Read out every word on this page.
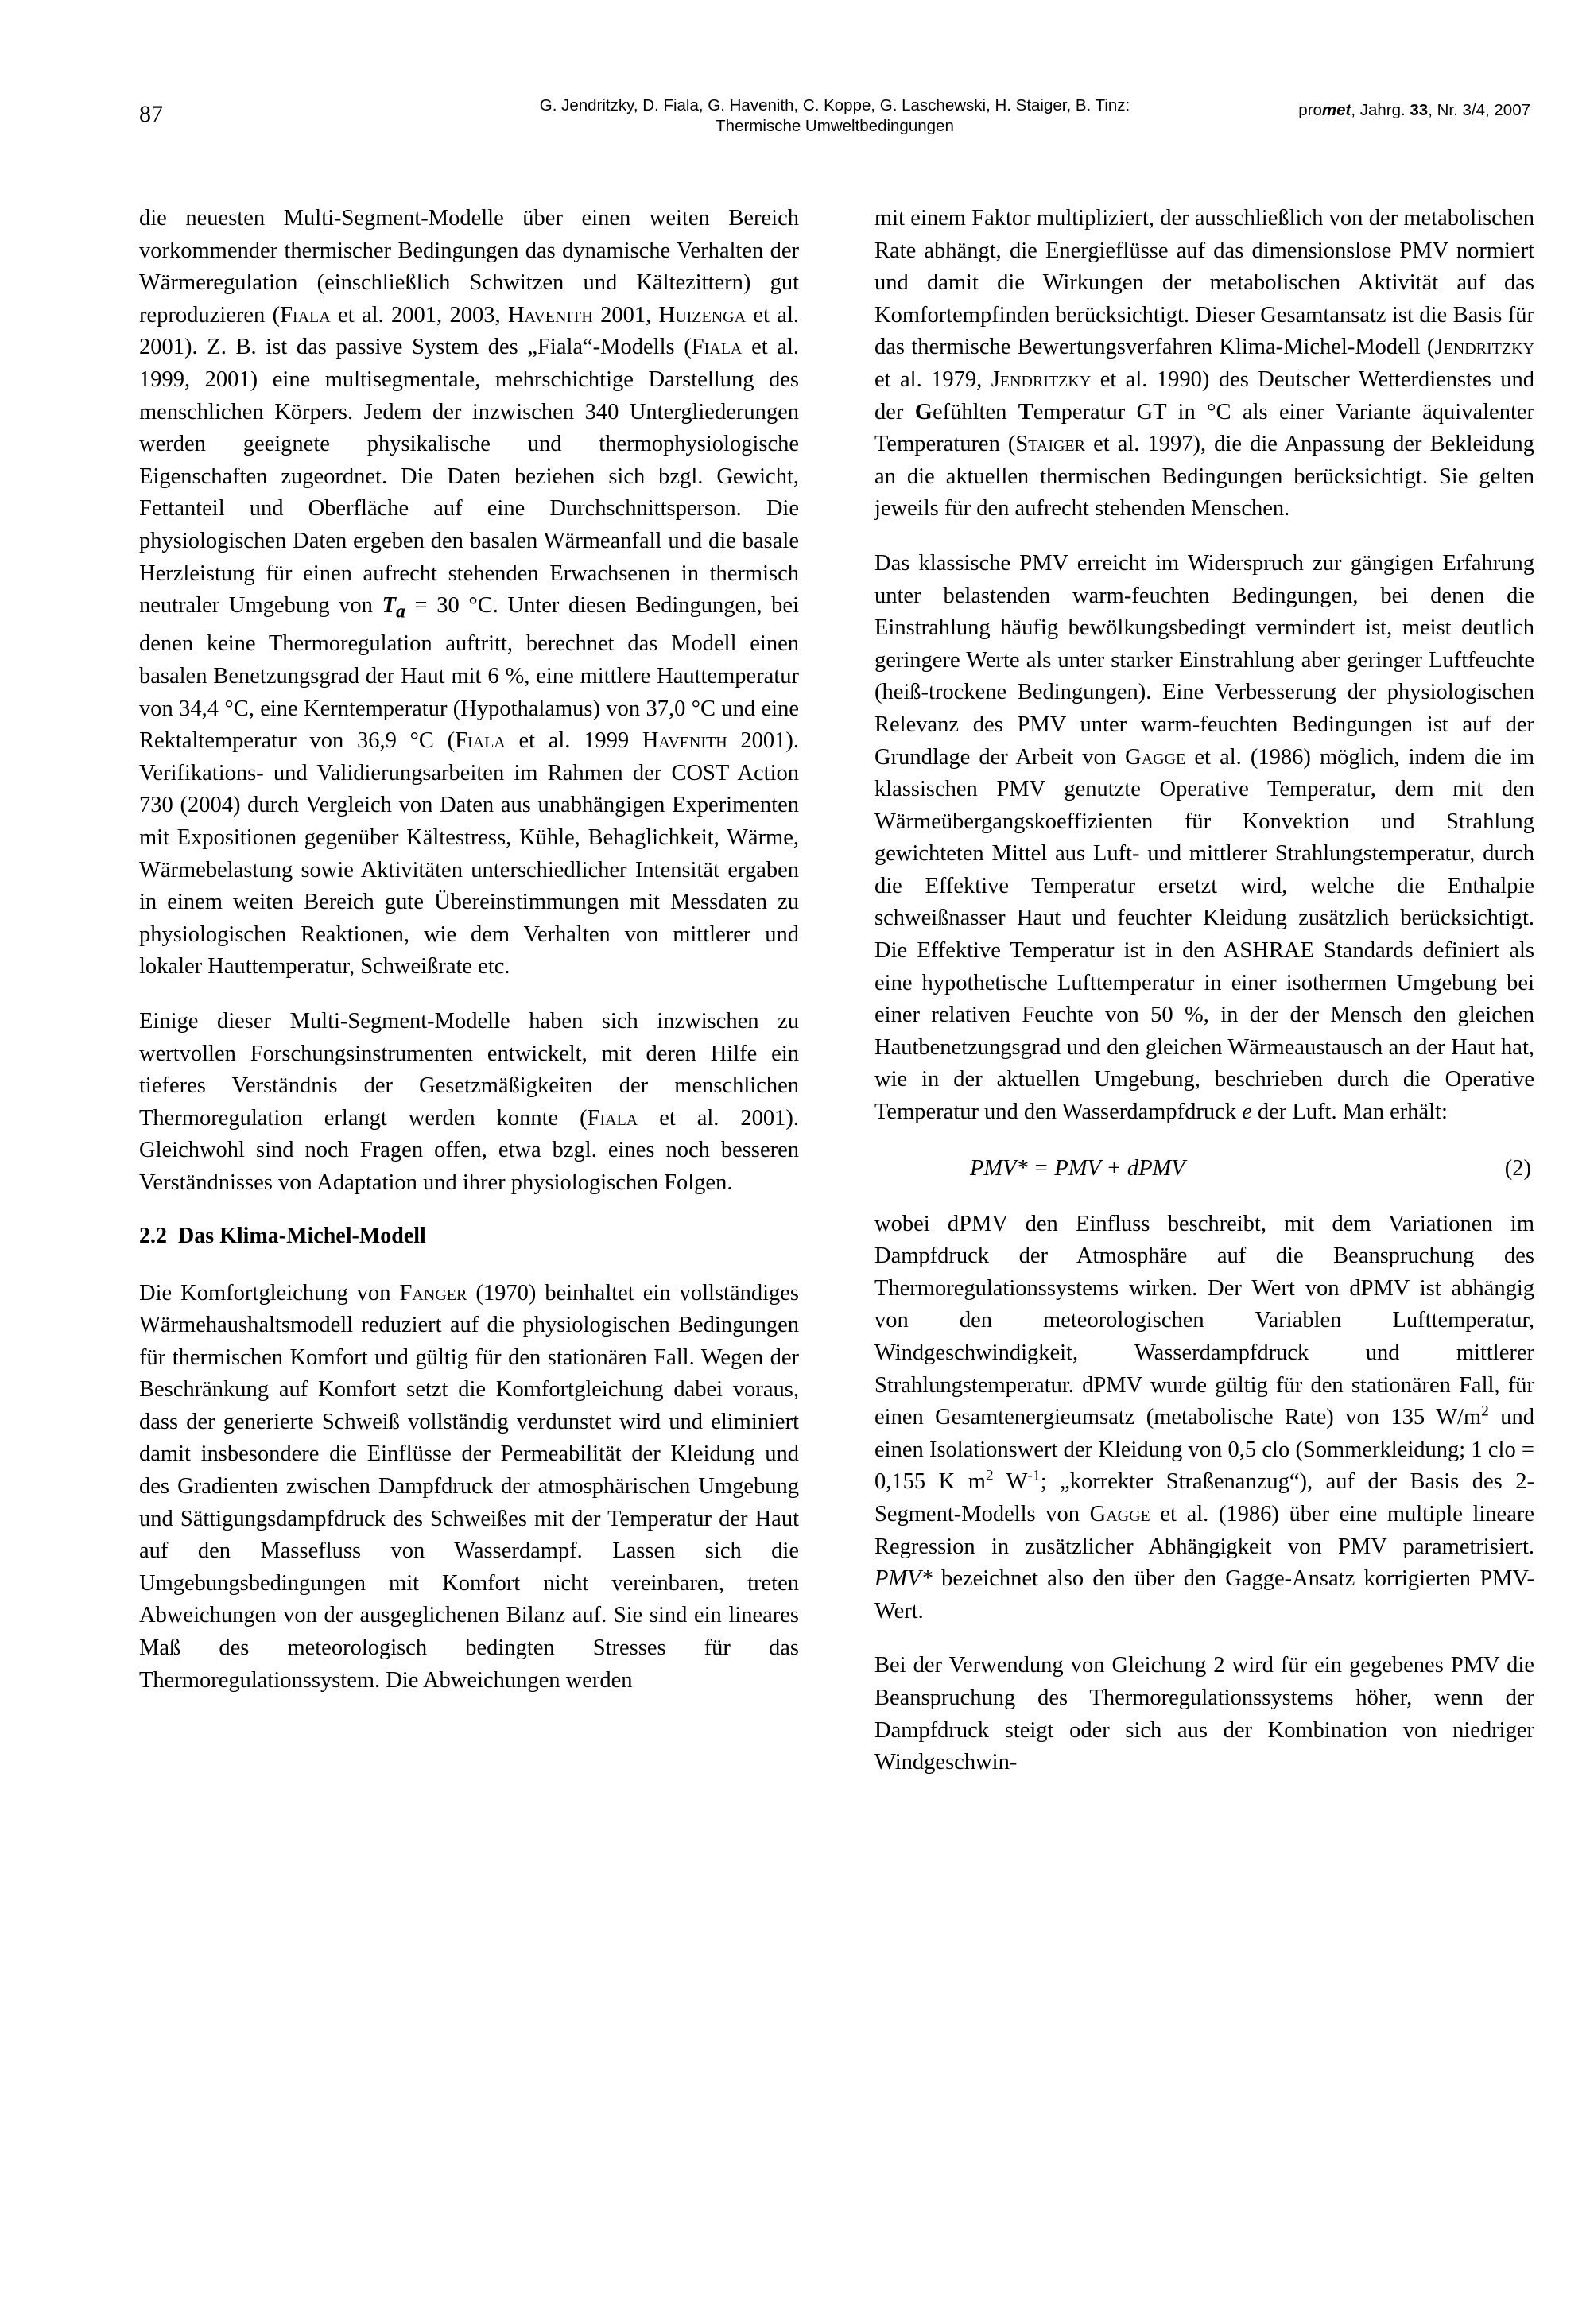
87	G. Jendritzky, D. Fiala, G. Havenith, C. Koppe, G. Laschewski, H. Staiger, B. Tinz:
Thermische Umweltbedingungen
promet, Jahrg. 33, Nr. 3/4, 2007

die neuesten Multi-Segment-Modelle über einen weiten Bereich vorkommender thermischer Bedingungen das dynamische Verhalten der Wärmeregulation (einschließlich Schwitzen und Kältezittern) gut reproduzieren (Fiala et al. 2001, 2003, Havenith 2001, Huizenga et al. 2001). Z. B. ist das passive System des „Fiala“-Modells (Fiala et al. 1999, 2001) eine multisegmentale, mehrschichtige Darstellung des menschlichen Körpers. Jedem der inzwischen 340 Untergliederungen werden geeignete physikalische und thermophysiologische Eigenschaften zugeordnet. Die Daten beziehen sich bzgl. Gewicht, Fettanteil und Oberfläche auf eine Durchschnittsperson. Die physiologischen Daten ergeben den basalen Wärmeanfall und die basale Herzleistung für einen aufrecht stehenden Erwachsenen in thermisch neutraler Umgebung von $T_a = 30$ °C. Unter diesen Bedingungen, bei denen keine Thermoregulation auftritt, berechnet das Modell einen basalen Benetzungsgrad der Haut mit 6 %, eine mittlere Hauttemperatur von 34,4 °C, eine Kerntemperatur (Hypothalamus) von 37,0 °C und eine Rektaltemperatur von 36,9 °C (Fiala et al. 1999 Havenith 2001). Verifikations- und Validierungsarbeiten im Rahmen der COST Action 730 (2004) durch Vergleich von Daten aus unabhängigen Experimenten mit Expositionen gegenüber Kältestress, Kühle, Behaglichkeit, Wärme, Wärmebelastung sowie Aktivitäten unterschiedlicher Intensität ergaben in einem weiten Bereich gute Übereinstimmungen mit Messdaten zu physiologischen Reaktionen, wie dem Verhalten von mittlerer und lokaler Hauttemperatur, Schweißrate etc.

Einige dieser Multi-Segment-Modelle haben sich inzwischen zu wertvollen Forschungsinstrumenten entwickelt, mit deren Hilfe ein tieferes Verständnis der Gesetzmäßigkeiten der menschlichen Thermoregulation erlangt werden konnte (Fiala et al. 2001). Gleichwohl sind noch Fragen offen, etwa bzgl. eines noch besseren Verständnisses von Adaptation und ihrer physiologischen Folgen.

2.2 Das Klima-Michel-Modell

Die Komfortgleichung von Fanger (1970) beinhaltet ein vollständiges Wärmehaushaltsmodell reduziert auf die physiologischen Bedingungen für thermischen Komfort und gültig für den stationären Fall. Wegen der Beschränkung auf Komfort setzt die Komfortgleichung dabei voraus, dass der generierte Schweiß vollständig verdunstet wird und eliminiert damit insbesondere die Einflüsse der Permeabilität der Kleidung und des Gradienten zwischen Dampfdruck der atmosphärischen Umgebung und Sättigungsdampfdruck des Schweißes mit der Temperatur der Haut auf den Massefluss von Wasserdampf. Lassen sich die Umgebungsbedingungen mit Komfort nicht vereinbaren, treten Abweichungen von der ausgeglichenen Bilanz auf. Sie sind ein lineares Maß des meteorologisch bedingten Stresses für das Thermoregulationssystem. Die Abweichungen werden

mit einem Faktor multipliziert, der ausschließlich von der metabolischen Rate abhängt, die Energieflüsse auf das dimensionslose PMV normiert und damit die Wirkungen der metabolischen Aktivität auf das Komfortempfinden berücksichtigt. Dieser Gesamtansatz ist die Basis für das thermische Bewertungsverfahren Klima-Michel-Modell (Jendritzky et al. 1979, Jendritzky et al. 1990) des Deutscher Wetterdienstes und der Gefühlten Temperatur GT in °C als einer Variante äquivalenter Temperaturen (Staiger et al. 1997), die die Anpassung der Bekleidung an die aktuellen thermischen Bedingungen berücksichtigt. Sie gelten jeweils für den aufrecht stehenden Menschen.

Das klassische PMV erreicht im Widerspruch zur gängigen Erfahrung unter belastenden warm-feuchten Bedingungen, bei denen die Einstrahlung häufig bewölkungsbedingt vermindert ist, meist deutlich geringere Werte als unter starker Einstrahlung aber geringer Luftfeuchte (heiß-trockene Bedingungen). Eine Verbesserung der physiologischen Relevanz des PMV unter warm-feuchten Bedingungen ist auf der Grundlage der Arbeit von Gagge et al. (1986) möglich, indem die im klassischen PMV genutzte Operative Temperatur, dem mit den Wärmeübergangskoeffizienten für Konvektion und Strahlung gewichteten Mittel aus Luft- und mittlerer Strahlungstemperatur, durch die Effektive Temperatur ersetzt wird, welche die Enthalpie schweißnasser Haut und feuchter Kleidung zusätzlich berücksichtigt. Die Effektive Temperatur ist in den ASHRAE Standards definiert als eine hypothetische Lufttemperatur in einer isothermen Umgebung bei einer relativen Feuchte von 50 %, in der der Mensch den gleichen Hautbenetzungsgrad und den gleichen Wärmeaustausch an der Haut hat, wie in der aktuellen Umgebung, beschrieben durch die Operative Temperatur und den Wasserdampfdruck e der Luft. Man erhält:

PMV* = PMV + dPMV	(2)

wobei dPMV den Einfluss beschreibt, mit dem Variationen im Dampfdruck der Atmosphäre auf die Beanspruchung des Thermoregulationssystems wirken. Der Wert von dPMV ist abhängig von den meteorologischen Variablen Lufttemperatur, Windgeschwindigkeit, Wasserdampfdruck und mittlerer Strahlungstemperatur. dPMV wurde gültig für den stationären Fall, für einen Gesamtenergieumsatz (metabolische Rate) von 135 $W/m^2$ und einen Isolationswert der Kleidung von 0,5 clo (Sommerkleidung; 1 clo = 0,155 K $m^2$ $W^{-1}$; „korrekter Straßenanzug“), auf der Basis des 2-Segment-Modells von Gagge et al. (1986) über eine multiple lineare Regression in zusätzlicher Abhängigkeit von PMV parametrisiert. PMV* bezeichnet also den über den Gagge-Ansatz korrigierten PMV-Wert.

Bei der Verwendung von Gleichung 2 wird für ein gegebenes PMV die Beanspruchung des Thermoregulationssystems höher, wenn der Dampfdruck steigt oder sich aus der Kombination von niedriger Windgeschwin-
